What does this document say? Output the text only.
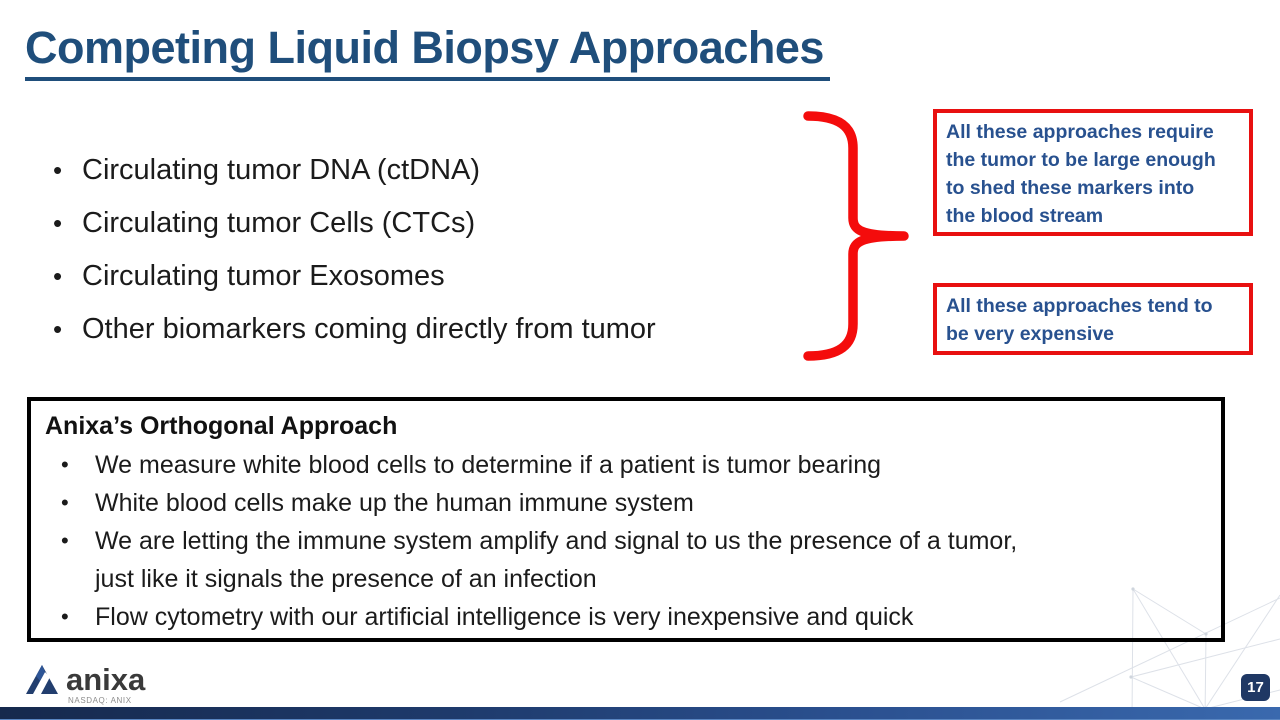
Competing Liquid Biopsy Approaches
• Circulating tumor DNA (ctDNA)
• Circulating tumor Cells (CTCs)
• Circulating tumor Exosomes
• Other biomarkers coming directly from tumor
All these approaches require
the tumor to be large enough
to shed these markers into
the blood stream
All these approaches tend to
be very expensive
Anixa’s Orthogonal Approach
• We measure white blood cells to determine if a patient is tumor bearing
• White blood cells make up the human immune system
• We are letting the immune system amplify and signal to us the presence of a tumor,
just like it signals the presence of an infection
• Flow cytometry with our artificial intelligence is very inexpensive and quick
anixa
NASDAQ: ANIX
17
